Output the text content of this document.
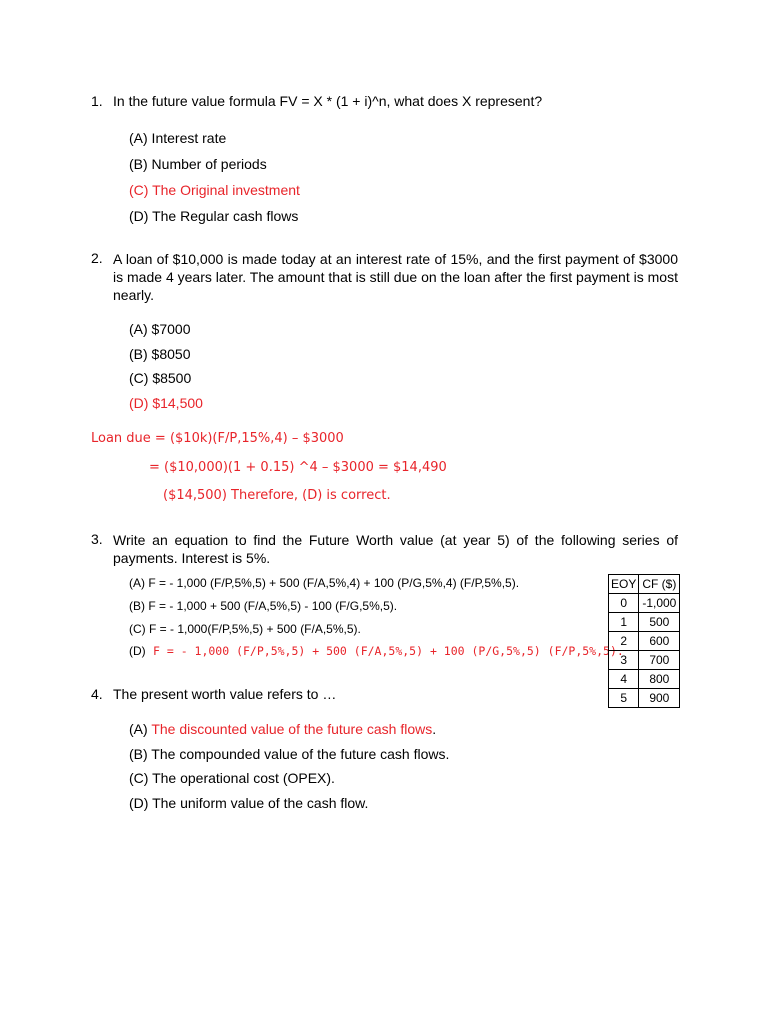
1. In the future value formula FV = X * (1 + i)^n, what does X represent?
(A) Interest rate
(B) Number of periods
(C) The Original investment
(D) The Regular cash flows
2. A loan of $10,000 is made today at an interest rate of 15%, and the first payment of $3000 is made 4 years later. The amount that is still due on the loan after the first payment is most nearly.
(A) $7000
(B) $8050
(C) $8500
(D) $14,500
Loan due = ($10k)(F/P,15%,4) – $3000
= ($10,000)(1 + 0.15) ^4 – $3000 = $14,490
($14,500) Therefore, (D) is correct.
3. Write an equation to find the Future Worth value (at year 5) of the following series of payments. Interest is 5%.
(A) F = - 1,000 (F/P,5%,5) + 500 (F/A,5%,4) + 100 (P/G,5%,4) (F/P,5%,5).
(B) F = - 1,000 + 500 (F/A,5%,5) - 100 (F/G,5%,5).
(C) F = - 1,000(F/P,5%,5) + 500 (F/A,5%,5).
(D) F = - 1,000 (F/P,5%,5) + 500 (F/A,5%,5) + 100 (P/G,5%,5) (F/P,5%,5).
EOY	CF ($)
0	-1,000
1	500
2	600
3	700
4	800
5	900
4. The present worth value refers to …
(A) The discounted value of the future cash flows.
(B) The compounded value of the future cash flows.
(C) The operational cost (OPEX).
(D) The uniform value of the cash flow.
